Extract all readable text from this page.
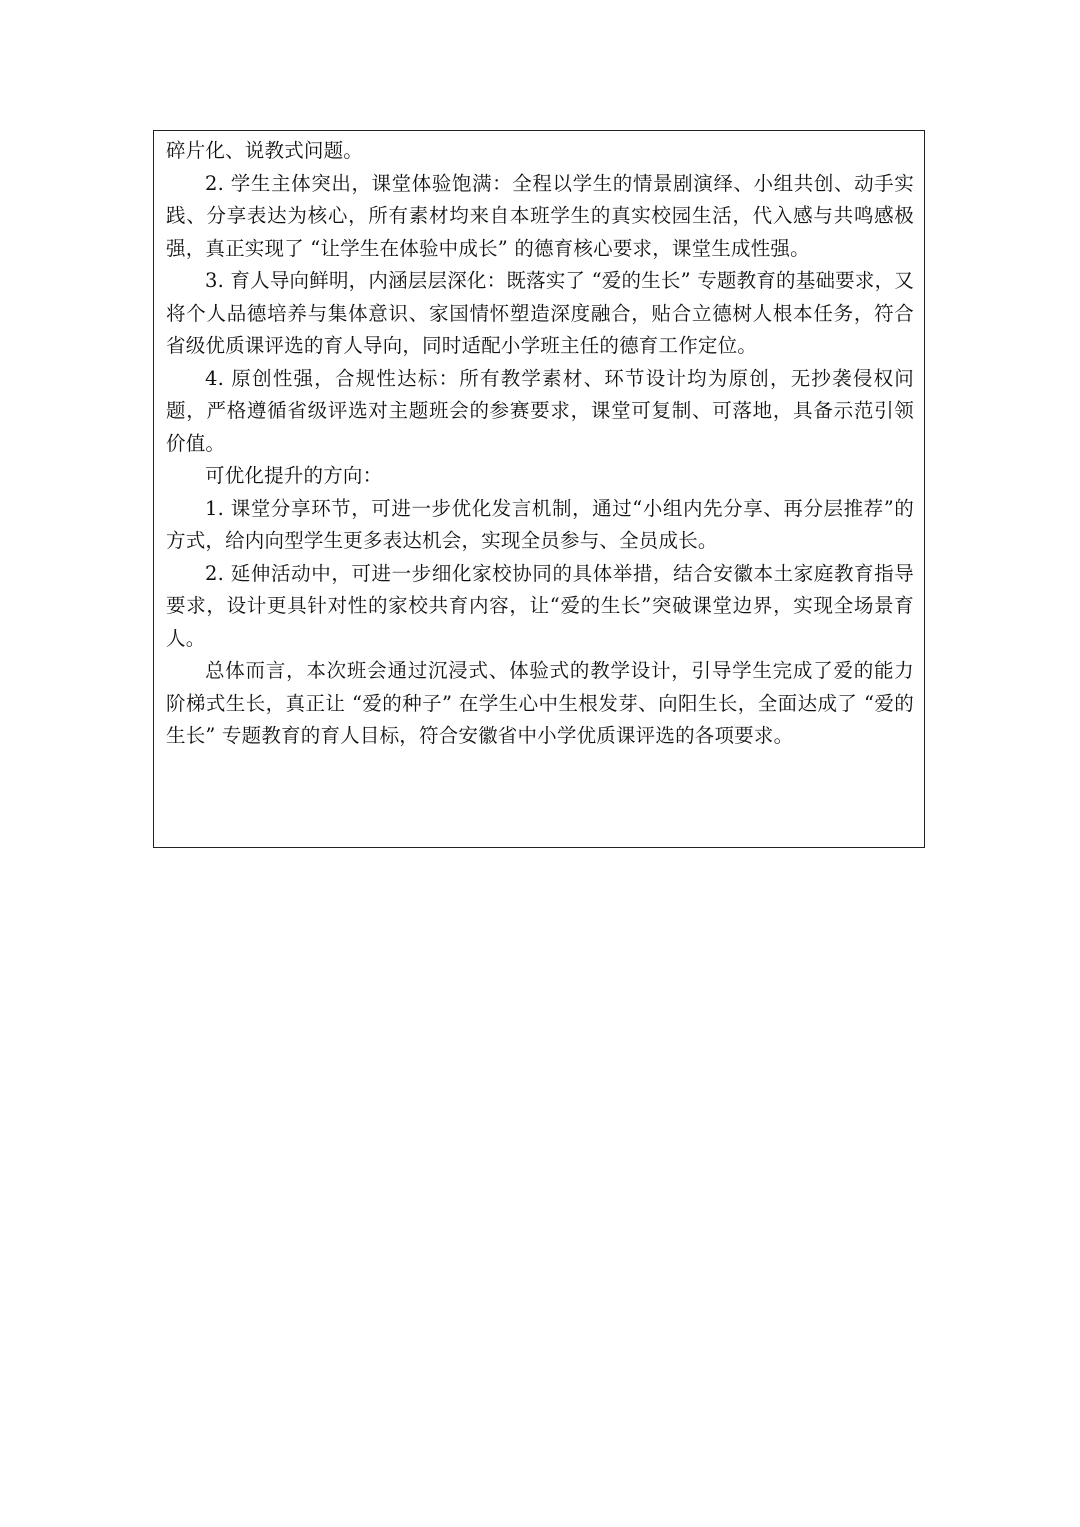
碎片化、说教式问题。

2. 学生主体突出，课堂体验饱满：全程以学生的情景剧演绎、小组共创、动手实践、分享表达为核心，所有素材均来自本班学生的真实校园生活，代入感与共鸣感极强，真正实现了 “让学生在体验中成长” 的德育核心要求，课堂生成性强。

3. 育人导向鲜明，内涵层层深化：既落实了 “爱的生长” 专题教育的基础要求，又将个人品德培养与集体意识、家国情怀塑造深度融合，贴合立德树人根本任务，符合省级优质课评选的育人导向，同时适配小学班主任的德育工作定位。

4. 原创性强，合规性达标：所有教学素材、环节设计均为原创，无抄袭侵权问题，严格遵循省级评选对主题班会的参赛要求，课堂可复制、可落地，具备示范引领价值。

可优化提升的方向：

1. 课堂分享环节，可进一步优化发言机制，通过“小组内先分享、再分层推荐”的方式，给内向型学生更多表达机会，实现全员参与、全员成长。

2. 延伸活动中，可进一步细化家校协同的具体举措，结合安徽本土家庭教育指导要求，设计更具针对性的家校共育内容，让“爱的生长”突破课堂边界，实现全场景育人。

总体而言，本次班会通过沉浸式、体验式的教学设计，引导学生完成了爱的能力阶梯式生长，真正让 “爱的种子” 在学生心中生根发芽、向阳生长，全面达成了 “爱的生长” 专题教育的育人目标，符合安徽省中小学优质课评选的各项要求。
